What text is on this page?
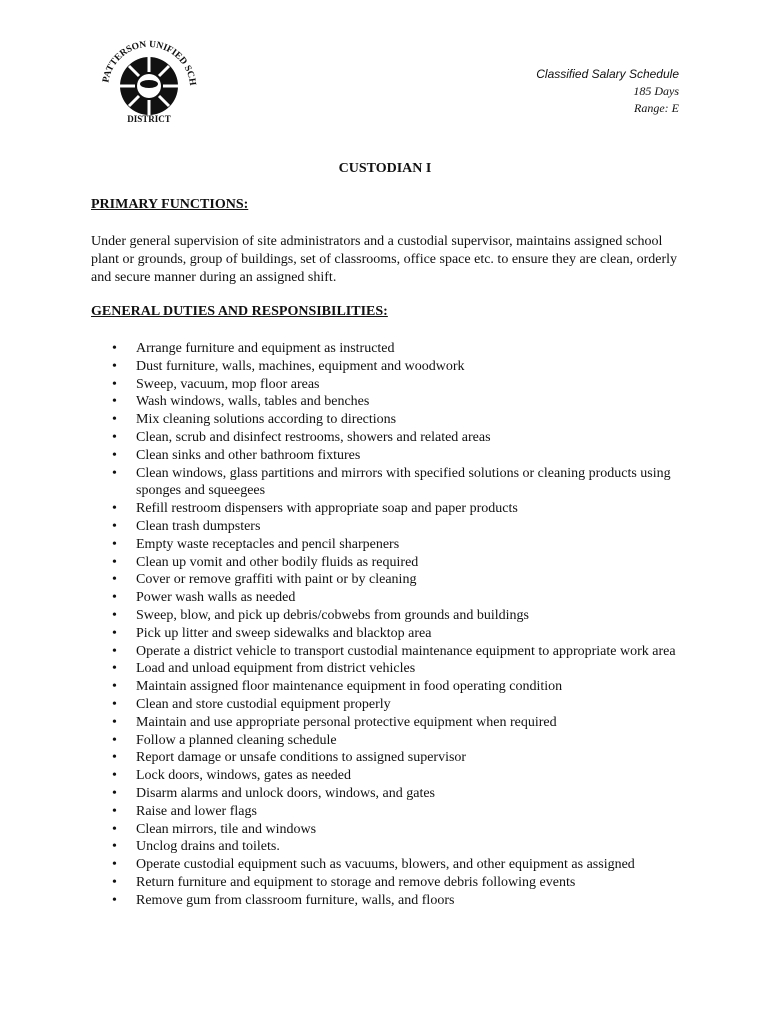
PATTERSON UNIFIED SCH
DISTRICT
Classified Salary Schedule
185 Days
Range: E
CUSTODIAN I
PRIMARY FUNCTIONS:
Under general supervision of site administrators and a custodial supervisor, maintains assigned school plant or grounds, group of buildings, set of classrooms, office space etc. to ensure they are clean, orderly and secure manner during an assigned shift.
GENERAL DUTIES AND RESPONSIBILITIES:
• Arrange furniture and equipment as instructed
• Dust furniture, walls, machines, equipment and woodwork
• Sweep, vacuum, mop floor areas
• Wash windows, walls, tables and benches
• Mix cleaning solutions according to directions
• Clean, scrub and disinfect restrooms, showers and related areas
• Clean sinks and other bathroom fixtures
• Clean windows, glass partitions and mirrors with specified solutions or cleaning products using sponges and squeegees
• Refill restroom dispensers with appropriate soap and paper products
• Clean trash dumpsters
• Empty waste receptacles and pencil sharpeners
• Clean up vomit and other bodily fluids as required
• Cover or remove graffiti with paint or by cleaning
• Power wash walls as needed
• Sweep, blow, and pick up debris/cobwebs from grounds and buildings
• Pick up litter and sweep sidewalks and blacktop area
• Operate a district vehicle to transport custodial maintenance equipment to appropriate work area
• Load and unload equipment from district vehicles
• Maintain assigned floor maintenance equipment in food operating condition
• Clean and store custodial equipment properly
• Maintain and use appropriate personal protective equipment when required
• Follow a planned cleaning schedule
• Report damage or unsafe conditions to assigned supervisor
• Lock doors, windows, gates as needed
• Disarm alarms and unlock doors, windows, and gates
• Raise and lower flags
• Clean mirrors, tile and windows
• Unclog drains and toilets.
• Operate custodial equipment such as vacuums, blowers, and other equipment as assigned
• Return furniture and equipment to storage and remove debris following events
• Remove gum from classroom furniture, walls, and floors
